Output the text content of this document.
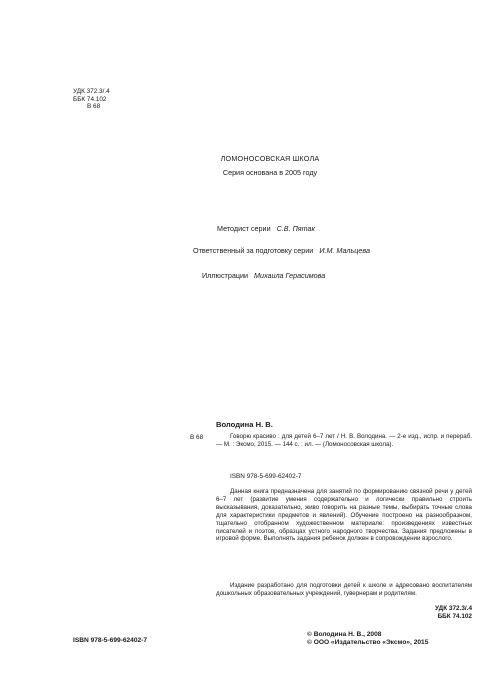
УДК 372.3/.4
ББК 74.102
В 68
ЛОМОНОСОВСКАЯ ШКОЛА
Серия основана в 2005 году
Методист серии С.В. Пятак
Ответственный за подготовку серии И.М. Мальцева
Иллюстрации Михаила Герасимова
Володина Н. В.
В 68	Говорю красиво : для детей 6–7 лет / Н. В. Володина. — 2-е изд., испр. и перераб. — М. : Эксмо, 2015. — 144 с. : ил. — (Ломоносовская школа).
ISBN 978-5-699-62402-7
Данная книга предназначена для занятий по формированию связной речи у детей 6–7 лет (развитие умения содержательно и логически правильно строить высказывания, доказательно, живо говорить на разные темы, выбирать точные слова для характеристики предметов и явлений). Обучение построено на разнообразном, тщательно отобранном художественном материале: произведениях известных писателей и поэтов, образцах устного народного творчества. Задания предложены в игровой форме. Выполнять задания ребенок должен в сопровождении взрослого.
Издание разработано для подготовки детей к школе и адресовано воспитателям дошкольных образовательных учреждений, гувернерам и родителям.
УДК 372.3/.4
ББК 74.102
ISBN 978-5-699-62402-7
© Володина Н. В., 2008
© ООО «Издательство «Эксмо», 2015
